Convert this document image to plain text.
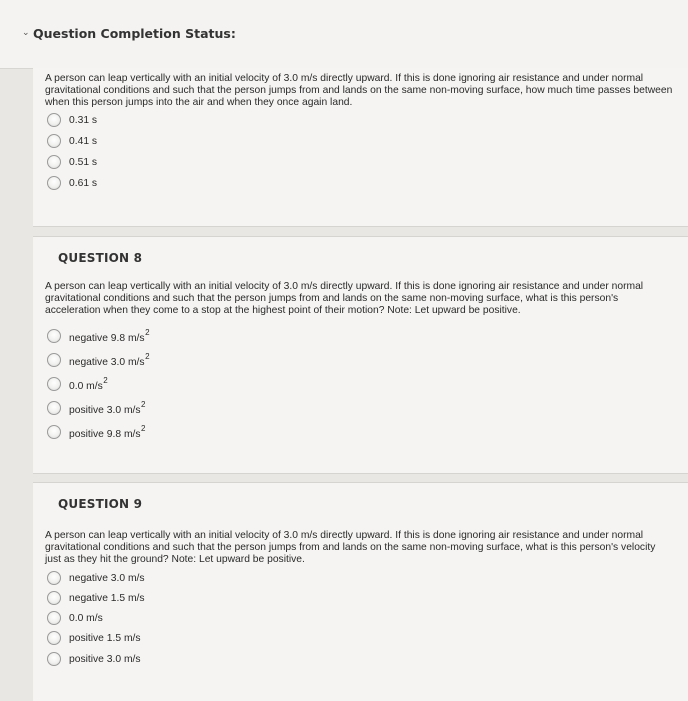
⌄ Question Completion Status:
A person can leap vertically with an initial velocity of 3.0 m/s directly upward. If this is done ignoring air resistance and under normal gravitational conditions and such that the person jumps from and lands on the same non-moving surface, how much time passes between when this person jumps into the air and when they once again land.
0.31 s
0.41 s
0.51 s
0.61 s
QUESTION 8
A person can leap vertically with an initial velocity of 3.0 m/s directly upward. If this is done ignoring air resistance and under normal gravitational conditions and such that the person jumps from and lands on the same non-moving surface, what is this person's acceleration when they come to a stop at the highest point of their motion? Note: Let upward be positive.
negative 9.8 $m/s^2$
negative 3.0 $m/s^2$
0.0 $m/s^2$
positive 3.0 $m/s^2$
positive 9.8 $m/s^2$
QUESTION 9
A person can leap vertically with an initial velocity of 3.0 m/s directly upward. If this is done ignoring air resistance and under normal gravitational conditions and such that the person jumps from and lands on the same non-moving surface, what is this person's velocity just as they hit the ground? Note: Let upward be positive.
negative 3.0 m/s
negative 1.5 m/s
0.0 m/s
positive 1.5 m/s
positive 3.0 m/s
